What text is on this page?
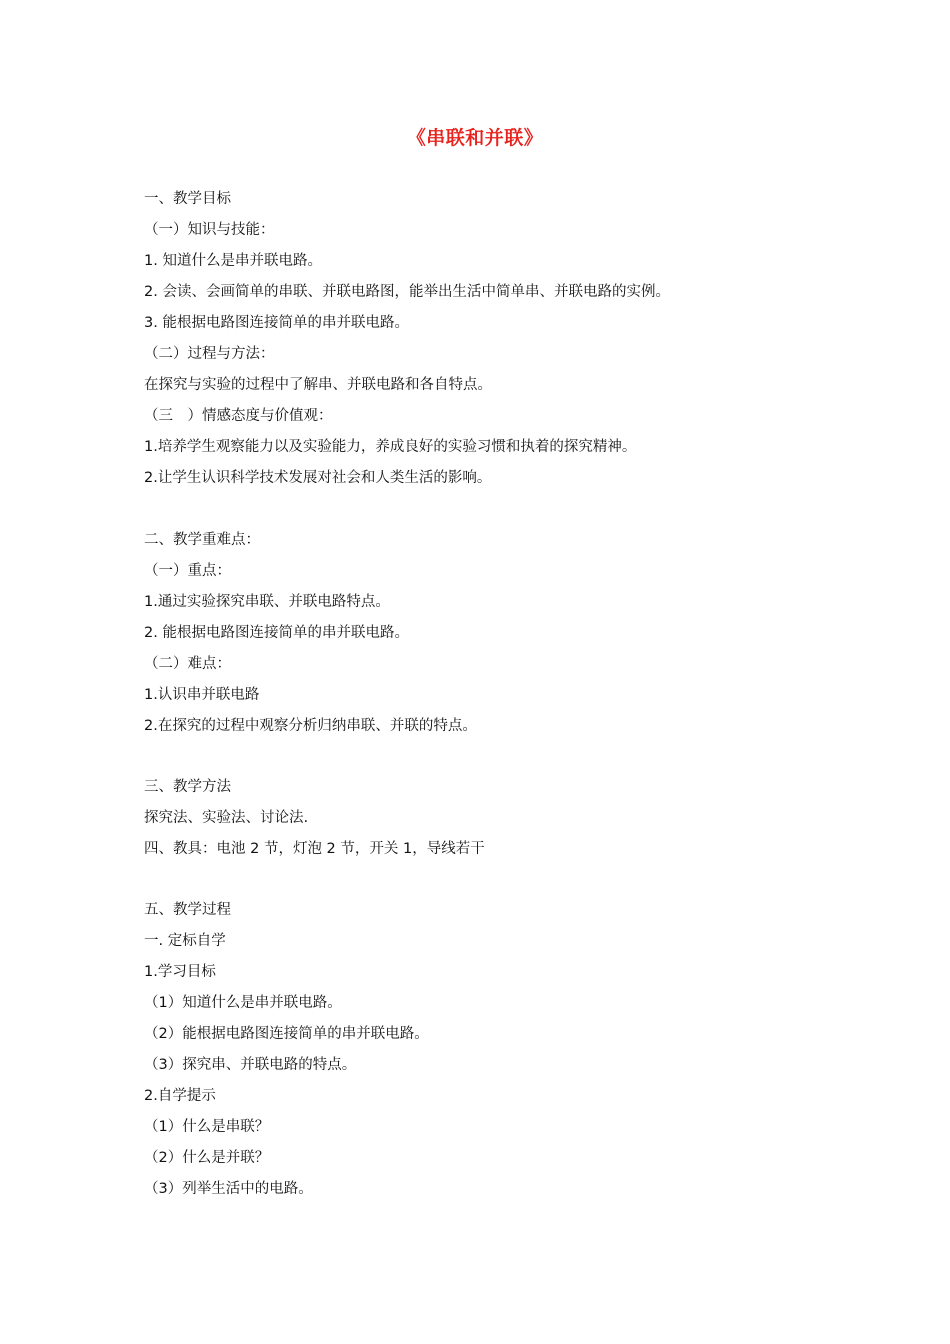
《串联和并联》
一、教学目标
（一）知识与技能：
1. 知道什么是串并联电路。
2. 会读、会画简单的串联、并联电路图，能举出生活中简单串、并联电路的实例。
3. 能根据电路图连接简单的串并联电路。
（二）过程与方法：
在探究与实验的过程中了解串、并联电路和各自特点。
（三　）情感态度与价值观：
1.培养学生观察能力以及实验能力，养成良好的实验习惯和执着的探究精神。
2.让学生认识科学技术发展对社会和人类生活的影响。
二、教学重难点：
（一）重点：
1.通过实验探究串联、并联电路特点。
2. 能根据电路图连接简单的串并联电路。
（二）难点：
1.认识串并联电路
2.在探究的过程中观察分析归纳串联、并联的特点。
三、教学方法
探究法、实验法、讨论法.
四、教具：电池 2 节，灯泡 2 节，开关 1，导线若干
五、教学过程
一. 定标自学
1.学习目标
（1）知道什么是串并联电路。
（2）能根据电路图连接简单的串并联电路。
（3）探究串、并联电路的特点。
2.自学提示
（1）什么是串联？
（2）什么是并联？
（3）列举生活中的电路。
